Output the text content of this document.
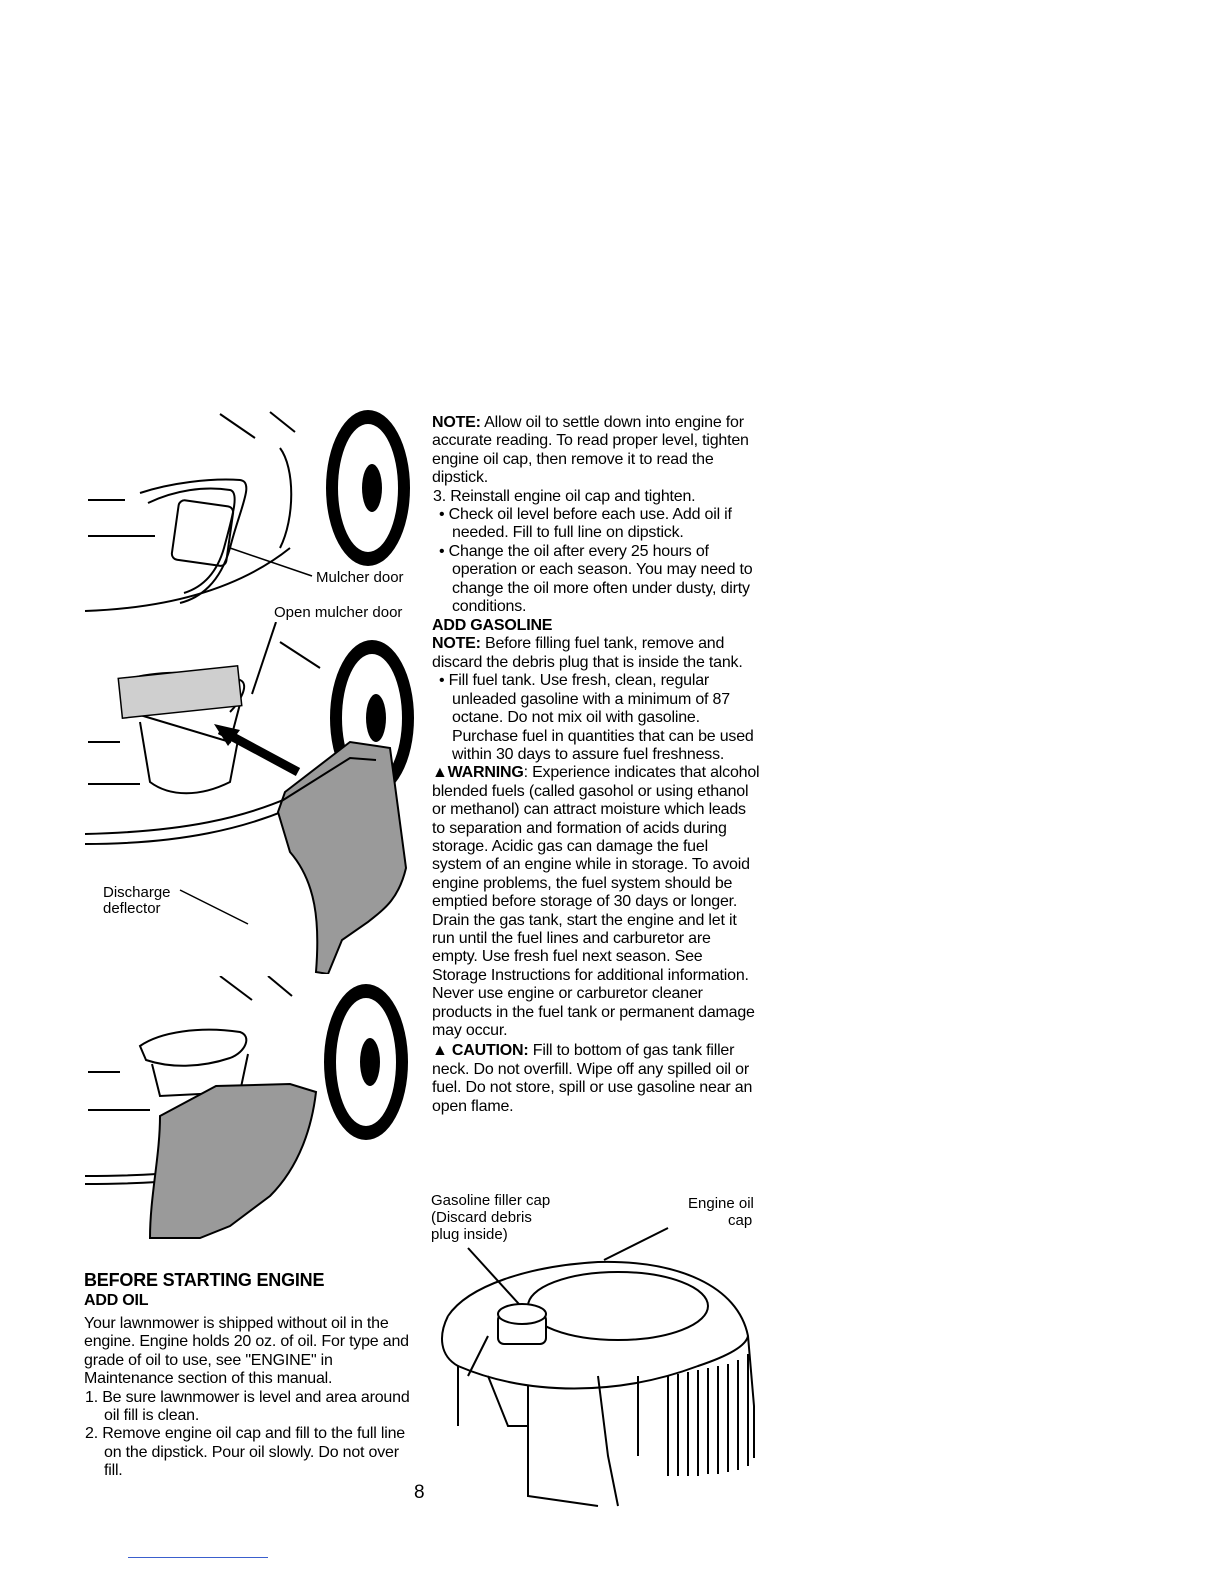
Mulcher door
Open mulcher door
Discharge
deflector
Gasoline filler cap
(Discard debris
plug inside)
Engine oil
cap
BEFORE STARTING ENGINE
ADD OIL

Your lawnmower is shipped without oil in the engine. Engine holds 20 oz. of oil. For type and grade of oil to use, see "ENGINE" in Maintenance section of this manual.

1. Be sure lawnmower is level and area around oil fill is clean.

2. Remove engine oil cap and fill to the full line on the dipstick. Pour oil slowly. Do not over fill.

8

NOTE: Allow oil to settle down into engine for accurate reading. To read proper level, tighten engine oil cap, then remove it to read the dipstick.

3. Reinstall engine oil cap and tighten.

• Check oil level before each use. Add oil if needed. Fill to full line on dipstick.

• Change the oil after every 25 hours of operation or each season. You may need to change the oil more often under dusty, dirty conditions.

ADD GASOLINE

NOTE: Before filling fuel tank, remove and discard the debris plug that is inside the tank.

• Fill fuel tank. Use fresh, clean, regular unleaded gasoline with a minimum of 87 octane. Do not mix oil with gasoline. Purchase fuel in quantities that can be used within 30 days to assure fuel freshness.

▲WARNING: Experience indicates that alcohol blended fuels (called gasohol or using ethanol or methanol) can attract moisture which leads to separation and formation of acids during storage. Acidic gas can damage the fuel system of an engine while in storage. To avoid engine problems, the fuel system should be emptied before storage of 30 days or longer. Drain the gas tank, start the engine and let it run until the fuel lines and carburetor are empty. Use fresh fuel next season. See Storage Instructions for additional information. Never use engine or carburetor cleaner products in the fuel tank or permanent damage may occur.

▲ CAUTION: Fill to bottom of gas tank filler neck. Do not overfill. Wipe off any spilled oil or fuel. Do not store, spill or use gasoline near an open flame.
